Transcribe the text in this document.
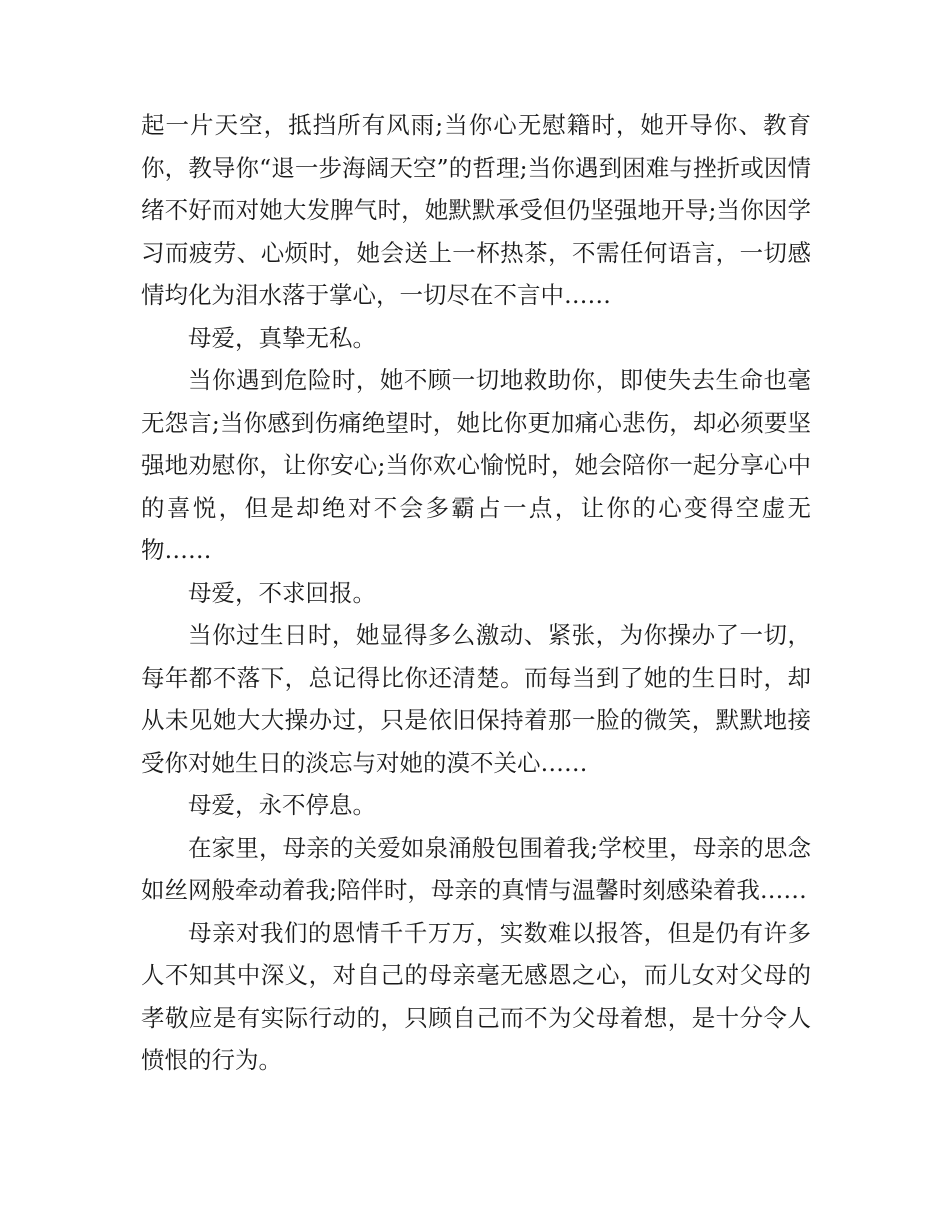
起一片天空，抵挡所有风雨;当你心无慰籍时，她开导你、教育你，教导你“退一步海阔天空”的哲理;当你遇到困难与挫折或因情绪不好而对她大发脾气时，她默默承受但仍坚强地开导;当你因学习而疲劳、心烦时，她会送上一杯热茶，不需任何语言，一切感情均化为泪水落于掌心，一切尽在不言中……

母爱，真挚无私。

当你遇到危险时，她不顾一切地救助你，即使失去生命也毫无怨言;当你感到伤痛绝望时，她比你更加痛心悲伤，却必须要坚强地劝慰你，让你安心;当你欢心愉悦时，她会陪你一起分享心中的喜悦，但是却绝对不会多霸占一点，让你的心变得空虚无物……

母爱，不求回报。

当你过生日时，她显得多么激动、紧张，为你操办了一切，每年都不落下，总记得比你还清楚。而每当到了她的生日时，却从未见她大大操办过，只是依旧保持着那一脸的微笑，默默地接受你对她生日的淡忘与对她的漠不关心……

母爱，永不停息。

在家里，母亲的关爱如泉涌般包围着我;学校里，母亲的思念如丝网般牵动着我;陪伴时，母亲的真情与温馨时刻感染着我……

母亲对我们的恩情千千万万，实数难以报答，但是仍有许多人不知其中深义，对自己的母亲毫无感恩之心，而儿女对父母的孝敬应是有实际行动的，只顾自己而不为父母着想，是十分令人愤恨的行为。
